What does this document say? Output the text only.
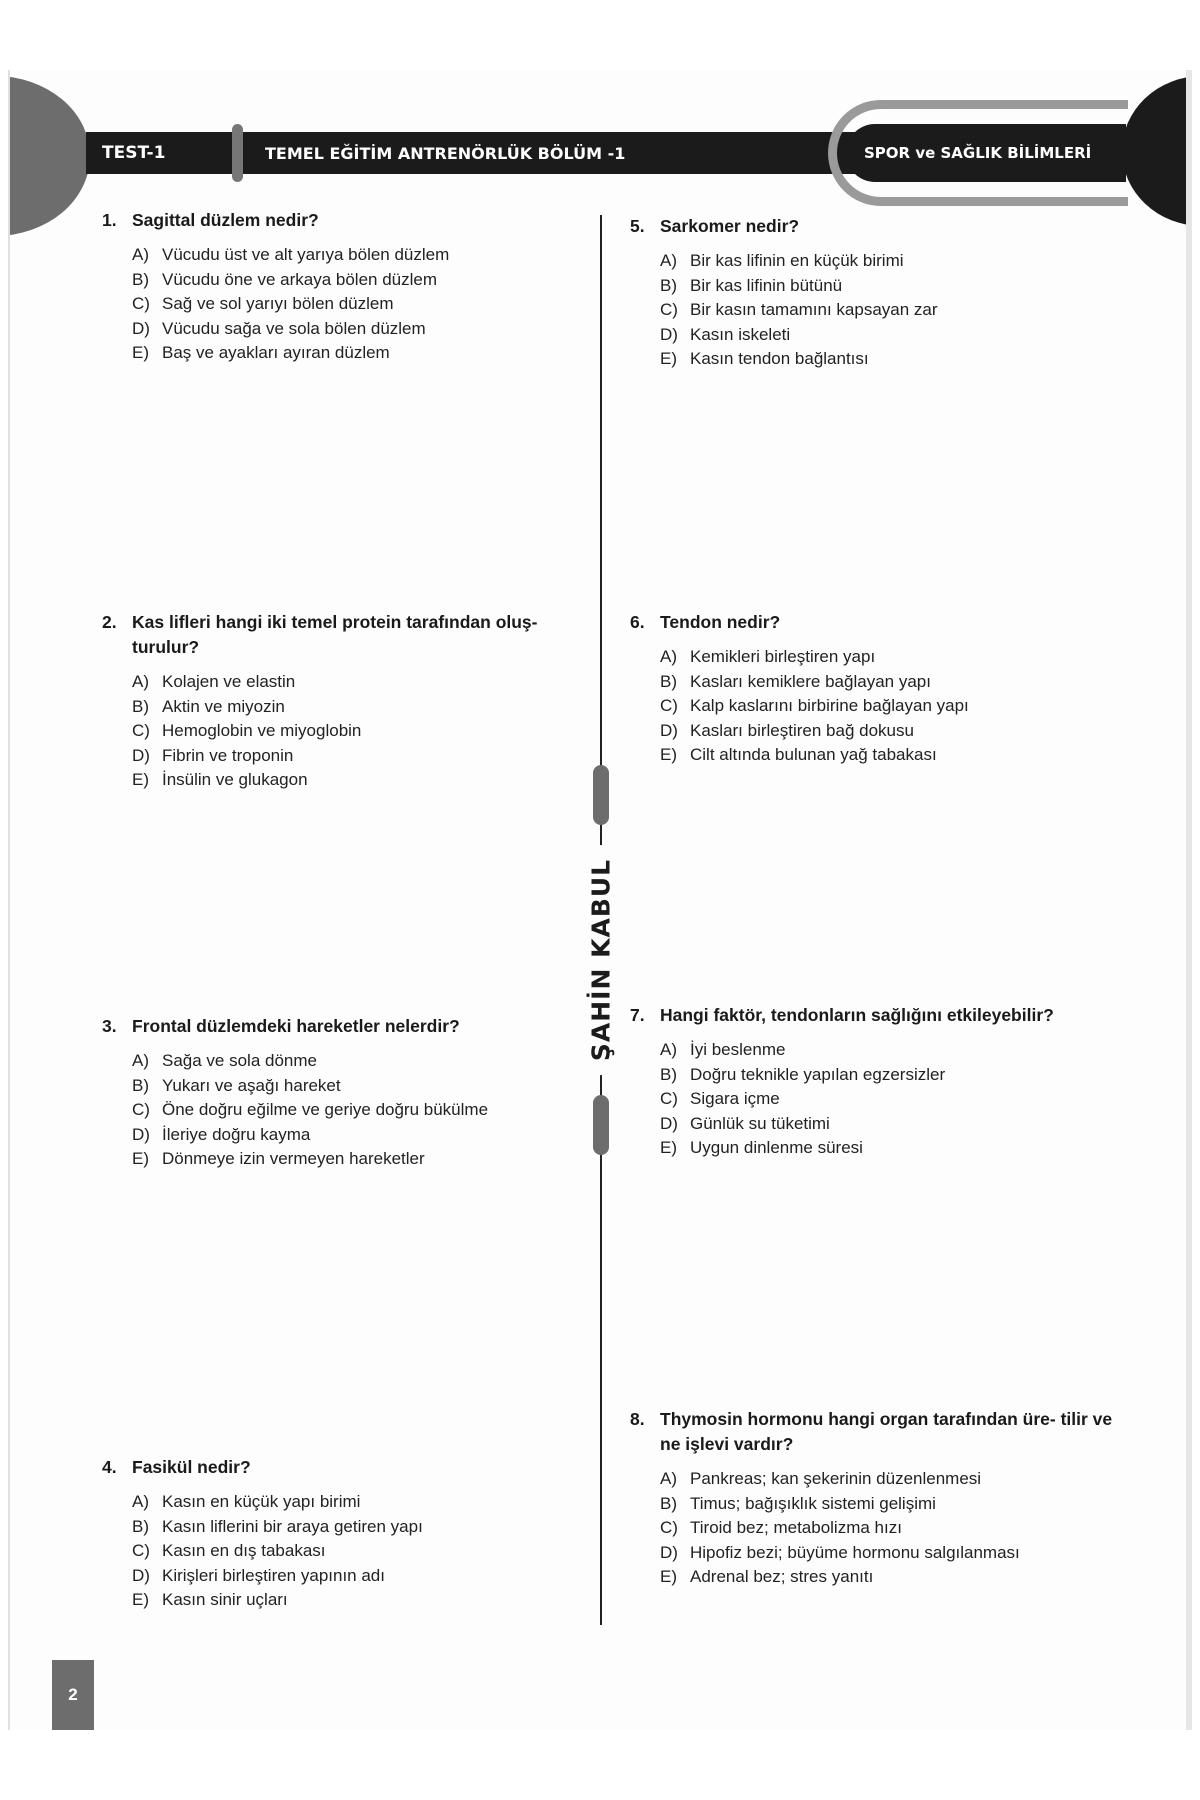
TEST-1	TEMEL EĞİTİM ANTRENÖRLÜK BÖLÜM -1	SPOR ve SAĞLIK BİLİMLERİ
ŞAHİN KABUL
1. Sagittal düzlem nedir?
A) Vücudu üst ve alt yarıya bölen düzlem
B) Vücudu öne ve arkaya bölen düzlem
C) Sağ ve sol yarıyı bölen düzlem
D) Vücudu sağa ve sola bölen düzlem
E) Baş ve ayakları ayıran düzlem
2. Kas lifleri hangi iki temel protein tarafından oluş- turulur?
A) Kolajen ve elastin
B) Aktin ve miyozin
C) Hemoglobin ve miyoglobin
D) Fibrin ve troponin
E) İnsülin ve glukagon
3. Frontal düzlemdeki hareketler nelerdir?
A) Sağa ve sola dönme
B) Yukarı ve aşağı hareket
C) Öne doğru eğilme ve geriye doğru bükülme
D) İleriye doğru kayma
E) Dönmeye izin vermeyen hareketler
4. Fasikül nedir?
A) Kasın en küçük yapı birimi
B) Kasın liflerini bir araya getiren yapı
C) Kasın en dış tabakası
D) Kirişleri birleştiren yapının adı
E) Kasın sinir uçları
5. Sarkomer nedir?
A) Bir kas lifinin en küçük birimi
B) Bir kas lifinin bütünü
C) Bir kasın tamamını kapsayan zar
D) Kasın iskeleti
E) Kasın tendon bağlantısı
6. Tendon nedir?
A) Kemikleri birleştiren yapı
B) Kasları kemiklere bağlayan yapı
C) Kalp kaslarını birbirine bağlayan yapı
D) Kasları birleştiren bağ dokusu
E) Cilt altında bulunan yağ tabakası
7. Hangi faktör, tendonların sağlığını etkileyebilir?
A) İyi beslenme
B) Doğru teknikle yapılan egzersizler
C) Sigara içme
D) Günlük su tüketimi
E) Uygun dinlenme süresi
8. Thymosin hormonu hangi organ tarafından üre- tilir ve ne işlevi vardır?
A) Pankreas; kan şekerinin düzenlenmesi
B) Timus; bağışıklık sistemi gelişimi
C) Tiroid bez; metabolizma hızı
D) Hipofiz bezi; büyüme hormonu salgılanması
E) Adrenal bez; stres yanıtı
2
